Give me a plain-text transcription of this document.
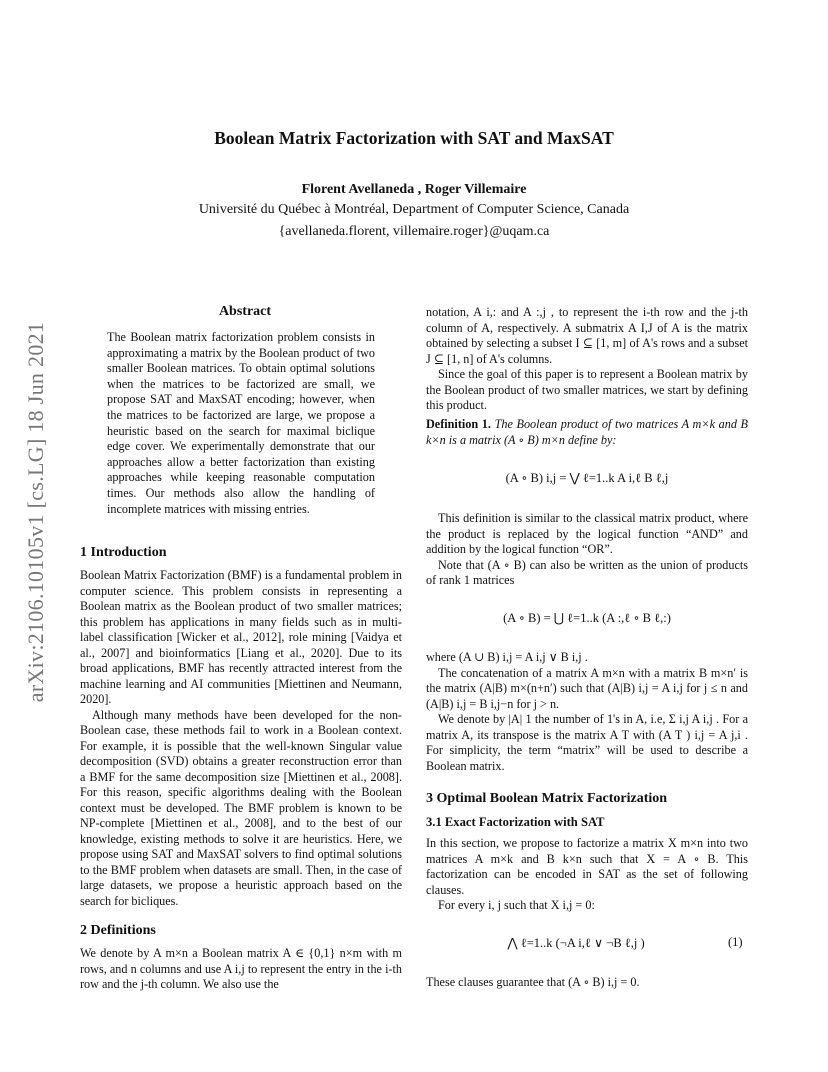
arXiv:2106.10105v1 [cs.LG] 18 Jun 2021
Boolean Matrix Factorization with SAT and MaxSAT
Florent Avellaneda , Roger Villemaire
Université du Québec à Montréal, Department of Computer Science, Canada
{avellaneda.florent, villemaire.roger}@uqam.ca
Abstract

The Boolean matrix factorization problem consists in approximating a matrix by the Boolean product of two smaller Boolean matrices. To obtain optimal solutions when the matrices to be factorized are small, we propose SAT and MaxSAT encoding; however, when the matrices to be factorized are large, we propose a heuristic based on the search for maximal biclique edge cover. We experimentally demonstrate that our approaches allow a better factorization than existing approaches while keeping reasonable computation times. Our methods also allow the handling of incomplete matrices with missing entries.

1 Introduction

Boolean Matrix Factorization (BMF) is a fundamental problem in computer science. This problem consists in representing a Boolean matrix as the Boolean product of two smaller matrices; this problem has applications in many fields such as in multi-label classification [Wicker et al., 2012], role mining [Vaidya et al., 2007] and bioinformatics [Liang et al., 2020]. Due to its broad applications, BMF has recently attracted interest from the machine learning and AI communities [Miettinen and Neumann, 2020].

Although many methods have been developed for the non-Boolean case, these methods fail to work in a Boolean context. For example, it is possible that the well-known Singular value decomposition (SVD) obtains a greater reconstruction error than a BMF for the same decomposition size [Miettinen et al., 2008]. For this reason, specific algorithms dealing with the Boolean context must be developed. The BMF problem is known to be NP-complete [Miettinen et al., 2008], and to the best of our knowledge, existing methods to solve it are heuristics. Here, we propose using SAT and MaxSAT solvers to find optimal solutions to the BMF problem when datasets are small. Then, in the case of large datasets, we propose a heuristic approach based on the search for bicliques.

2 Definitions

We denote by A m×n a Boolean matrix A ∈ {0,1} n×m with m rows, and n columns and use A i,j to represent the entry in the i-th row and the j-th column. We also use the

notation, A i,: and A :,j , to represent the i-th row and the j-th column of A, respectively. A submatrix A I,J of A is the matrix obtained by selecting a subset I ⊆ [1, m] of A's rows and a subset J ⊆ [1, n] of A's columns.

Since the goal of this paper is to represent a Boolean matrix by the Boolean product of two smaller matrices, we start by defining this product.

Definition 1. The Boolean product of two matrices A m×k and B k×n is a matrix (A ∘ B) m×n define by:

(A ∘ B) i,j = ⋁ ℓ=1..k A i,ℓ B ℓ,j

This definition is similar to the classical matrix product, where the product is replaced by the logical function “AND” and addition by the logical function “OR”.

Note that (A ∘ B) can also be written as the union of products of rank 1 matrices

(A ∘ B) = ⋃ ℓ=1..k (A :,ℓ ∘ B ℓ,:)

where (A ∪ B) i,j = A i,j ∨ B i,j .

The concatenation of a matrix A m×n with a matrix B m×n′ is the matrix (A|B) m×(n+n′) such that (A|B) i,j = A i,j for j ≤ n and (A|B) i,j = B i,j−n for j > n.

We denote by |A| 1 the number of 1's in A, i.e, Σ i,j A i,j . For a matrix A, its transpose is the matrix A T with (A T ) i,j = A j,i . For simplicity, the term “matrix” will be used to describe a Boolean matrix.

3 Optimal Boolean Matrix Factorization
3.1 Exact Factorization with SAT

In this section, we propose to factorize a matrix X m×n into two matrices A m×k and B k×n such that X = A ∘ B. This factorization can be encoded in SAT as the set of following clauses.

For every i, j such that X i,j = 0:

⋀ ℓ=1..k (¬A i,ℓ ∨ ¬B ℓ,j )	(1)

These clauses guarantee that (A ∘ B) i,j = 0.
